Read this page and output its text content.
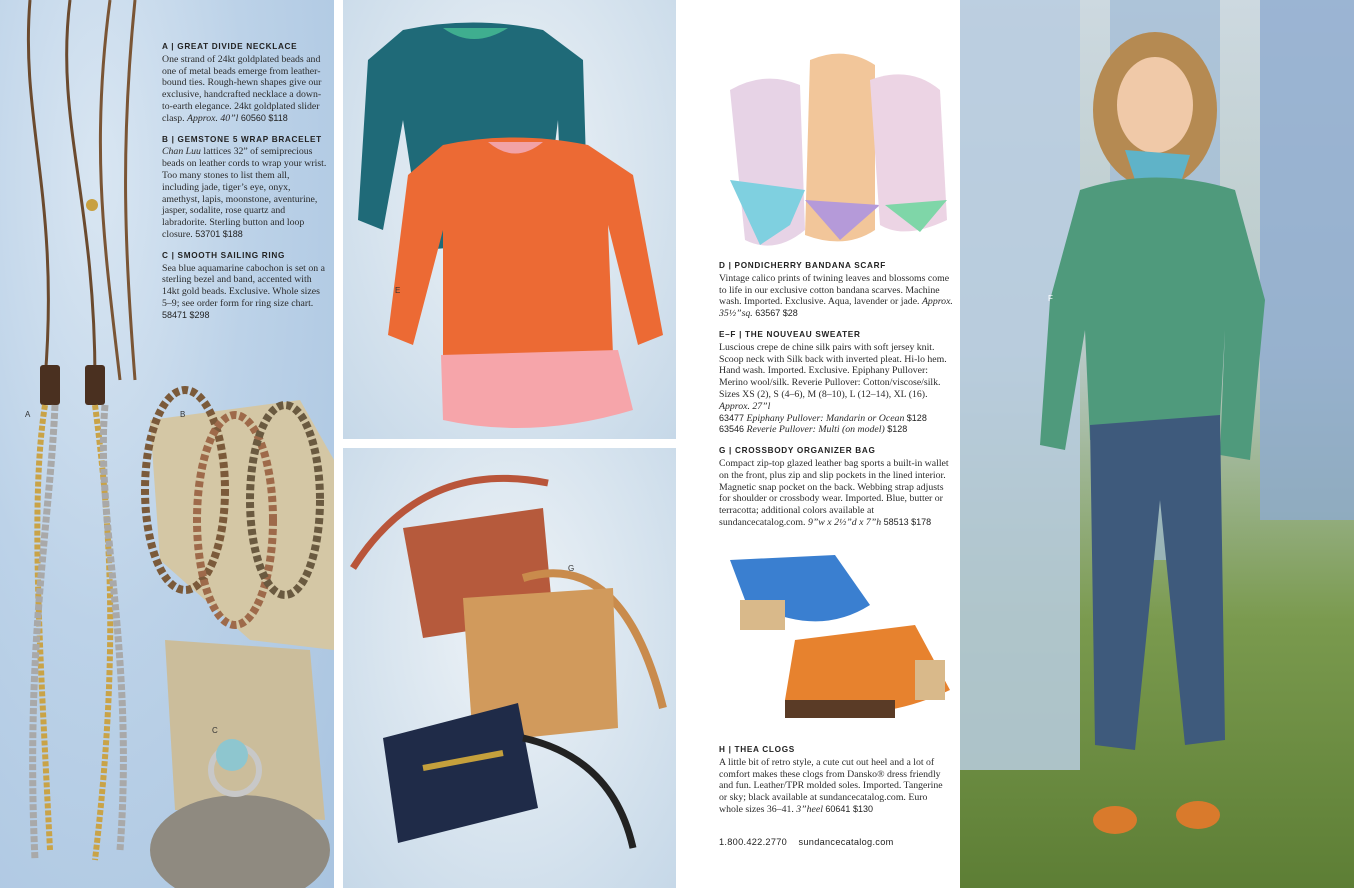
A	B
C
A | GREAT DIVIDE NECKLACE
One strand of 24kt goldplated beads and one of metal beads emerge from leather-bound ties. Rough-hewn shapes give our exclusive, handcrafted necklace a down-to-earth elegance. 24kt goldplated slider clasp. Approx. 40”l 60560 $118
B | GEMSTONE 5 WRAP BRACELET
Chan Luu lattices 32” of semiprecious beads on leather cords to wrap your wrist. Too many stones to list them all, including jade, tiger’s eye, onyx, amethyst, lapis, moonstone, aventurine, jasper, sodalite, rose quartz and labradorite. Sterling button and loop closure. 53701 $188
C | SMOOTH SAILING RING
Sea blue aquamarine cabochon is set on a sterling bezel and band, accented with 14kt gold beads. Exclusive. Whole sizes 5–9; see order form for ring size chart. 58471 $298
E
G
D | PONDICHERRY BANDANA SCARF
Vintage calico prints of twining leaves and blossoms come to life in our exclusive cotton bandana scarves. Machine wash. Imported. Exclusive. Aqua, lavender or jade. Approx. 35½”sq. 63567 $28
E–F | THE NOUVEAU SWEATER
Luscious crepe de chine silk pairs with soft jersey knit. Scoop neck with Silk back with inverted pleat. Hi-lo hem. Hand wash. Imported. Exclusive. Epiphany Pullover: Merino wool/silk. Reverie Pullover: Cotton/viscose/silk. Sizes XS (2), S (4–6), M (8–10), L (12–14), XL (16). Approx. 27”l
63477 Epiphany Pullover: Mandarin or Ocean $128
63546 Reverie Pullover: Multi (on model) $128
G | CROSSBODY ORGANIZER BAG
Compact zip-top glazed leather bag sports a built-in wallet on the front, plus zip and slip pockets in the lined interior. Magnetic snap pocket on the back. Webbing strap adjusts for shoulder or crossbody wear. Imported. Blue, butter or terracotta; additional colors available at sundancecatalog.com. 9”w x 2½”d x 7”h 58513 $178
H | THEA CLOGS
A little bit of retro style, a cute cut out heel and a lot of comfort makes these clogs from Dansko® dress friendly and fun. Leather/TPR molded soles. Imported. Tangerine or sky; black available at sundancecatalog.com. Euro whole sizes 36–41. 3”heel 60641 $130
1.800.422.2770    sundancecatalog.com
F
